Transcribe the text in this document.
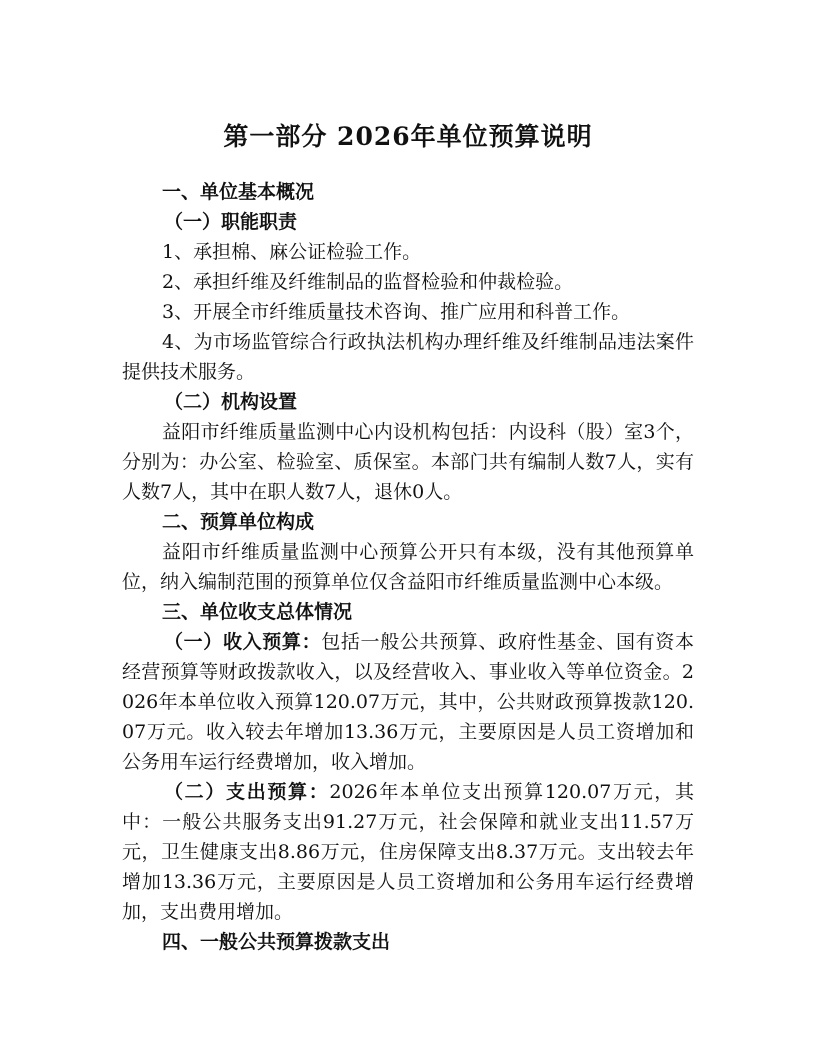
第一部分 2026年单位预算说明

一、单位基本概况

（一）职能职责

1、承担棉、麻公证检验工作。

2、承担纤维及纤维制品的监督检验和仲裁检验。

3、开展全市纤维质量技术咨询、推广应用和科普工作。

4、为市场监管综合行政执法机构办理纤维及纤维制品违法案件提供技术服务。

（二）机构设置

益阳市纤维质量监测中心内设机构包括：内设科（股）室3个，分别为：办公室、检验室、质保室。本部门共有编制人数7人，实有人数7人，其中在职人数7人，退休0人。

二、预算单位构成

益阳市纤维质量监测中心预算公开只有本级，没有其他预算单位，纳入编制范围的预算单位仅含益阳市纤维质量监测中心本级。

三、单位收支总体情况

（一）收入预算：包括一般公共预算、政府性基金、国有资本经营预算等财政拨款收入，以及经营收入、事业收入等单位资金。2026年本单位收入预算120.07万元，其中，公共财政预算拨款120.07万元。收入较去年增加13.36万元，主要原因是人员工资增加和公务用车运行经费增加，收入增加。

（二）支出预算：2026年本单位支出预算120.07万元，其中：一般公共服务支出91.27万元，社会保障和就业支出11.57万元，卫生健康支出8.86万元，住房保障支出8.37万元。支出较去年增加13.36万元，主要原因是人员工资增加和公务用车运行经费增加，支出费用增加。

四、一般公共预算拨款支出
